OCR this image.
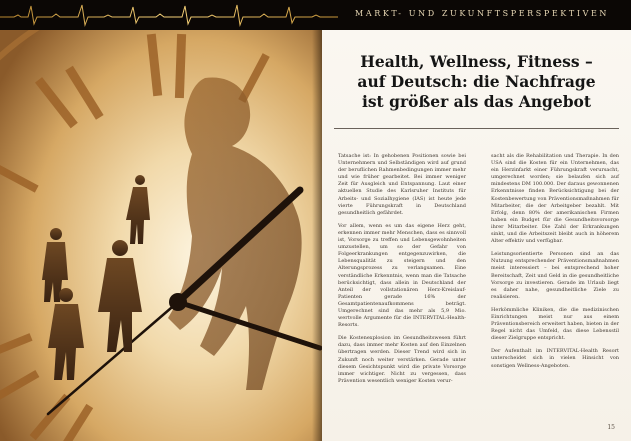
MARKT- UND ZUKUNFTSPERSPEKTIVEN
Health, Wellness, Fitness –
auf Deutsch: die Nachfrage
ist größer als das Angebot

Tatsache ist: In gehobenen Positionen sowie bei Unternehmern und Selbständigen wird auf grund der beruflichen Rahmenbedingungen immer mehr und wie früher gearbeitet. Bei immer weniger Zeit für Ausgleich und Entspannung. Laut einer aktuellen Studie des Karlsruher Instituts für Arbeits- und Sozialhygiene (IAS) ist heute jede vierte Führungskraft in Deutschland gesundheitlich gefährdet.

Vor allem, wenn es um das eigene Herz geht, erkennen immer mehr Menschen, dass es sinnvoll ist, Vorsorge zu treffen und Lebensgewohnheiten umzustellen, um so der Gefahr von Folgeerkrankungen entgegenzuwirken, die Lebensqualität zu steigern und den Alterungsprozess zu verlangsamen. Eine verständliche Erkenntnis, wenn man die Tatsache berücksichtigt, dass allein in Deutschland der Anteil der vollstationären Herz-Kreislauf-Patienten gerade 16% der Gesamtpatientenaufkommens beträgt. Umgerechnet sind das mehr als 5,9 Mio. wertvolle Argumente für die INTERVITAL-Health-Resorts.

Die Kostenexplosion im Gesundheitswesen führt dazu, dass immer mehr Kosten auf den Einzelnen übertragen werden. Dieser Trend wird sich in Zukunft noch weiter verstärken. Gerade unter diesem Gesichtspunkt wird die private Vorsorge immer wichtiger. Nicht zu vergessen, dass Prävention wesentlich weniger Kosten verur-

sacht als die Rehabilitation und Therapie. In den USA sind die Kosten für ein Unternehmen, das ein Herzinfarkt einer Führungskraft verursacht, umgerechnet worden; sie belaufen sich auf mindestens DM 100.000. Der daraus gewonnenen Erkenntnisse finden Berücksichtigung bei der Kostenbewertung von Präventionsmaßnahmen für Mitarbeiter, die der Arbeitgeber bezahlt. Mit Erfolg, denn 80% der amerikanischen Firmen haben ein Budget für die Gesundheitsvorsorge ihrer Mitarbeiter. Die Zahl der Erkrankungen sinkt, und die Arbeitszeit bleibt auch in höherem Alter effektiv und verfügbar.

Leistungsorientierte Personen sind an das Nutzung entsprechender Präventionsmaßnahmen meist interessiert – bei entsprechend hoher Bereitschaft, Zeit und Geld in die gesundheitliche Vorsorge zu investieren. Gerade im Urlaub liegt es daher nahe, gesundheitliche Ziele zu realisieren.

Herkömmliche Kliniken, die die medizinischen Einrichtungen meist nur aus einem Präventionsbereich erweitert haben, bieten in der Regel nicht das Umfeld, das diese Lebensstil dieser Zielgruppe entspricht.

Der Aufenthalt im INTERVITAL-Health Resort unterscheidet sich in vielen Hinsicht von sonstigen Wellness-Angeboten.

15
